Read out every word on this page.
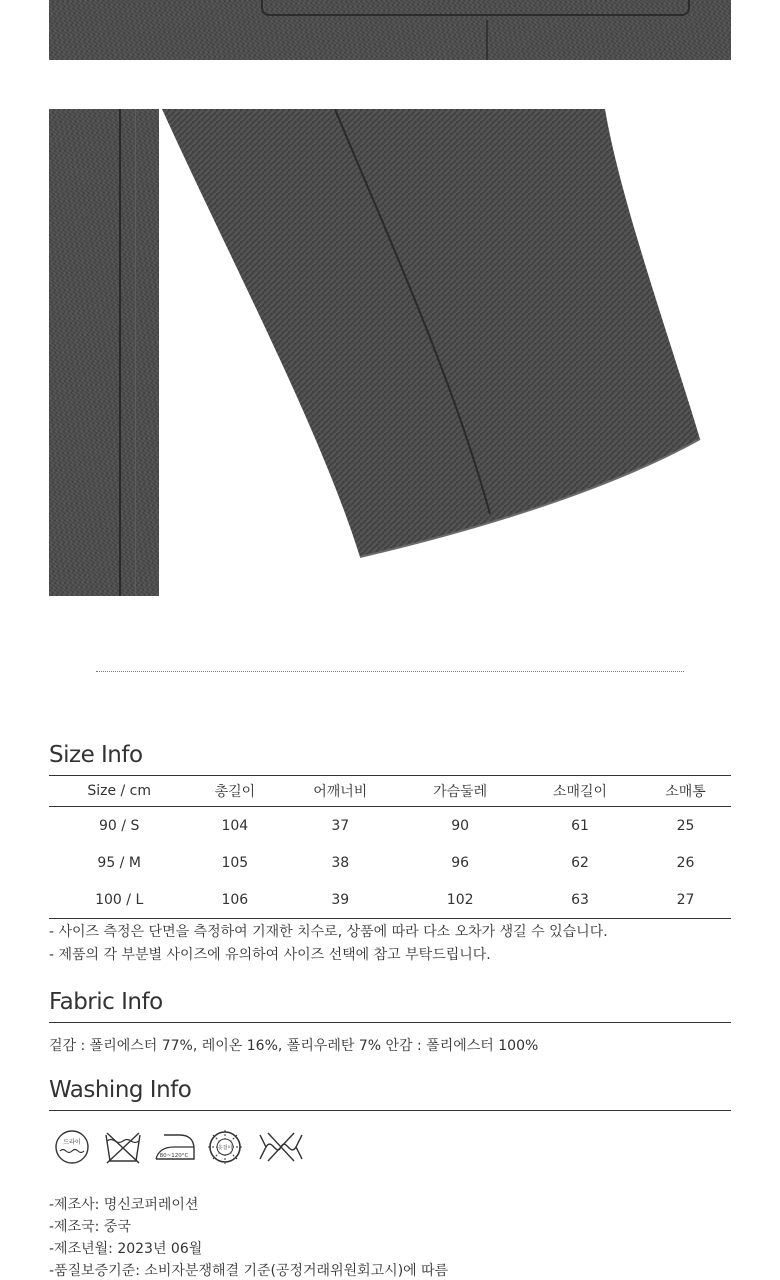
Size Info
Size / cm	총길이	어깨너비	가슴둘레	소매길이	소매통
90 / S	104	37	90	61	25
95 / M	105	38	96	62	26
100 / L	106	39	102	63	27
- 사이즈 측정은 단면을 측정하여 기재한 치수로, 상품에 따라 다소 오차가 생길 수 있습니다.
- 제품의 각 부분별 사이즈에 유의하여 사이즈 선택에 참고 부탁드립니다.
Fabric Info
겉감 : 폴리에스터 77%, 레이온 16%, 폴리우레탄 7% 안감 : 폴리에스터 100%
Washing Info
드라이
80~120°C
옷걸이
-제조사: 명신코퍼레이션
-제조국: 중국
-제조년월: 2023년 06월
-품질보증기준: 소비자분쟁해결 기준(공정거래위원회고시)에 따름
